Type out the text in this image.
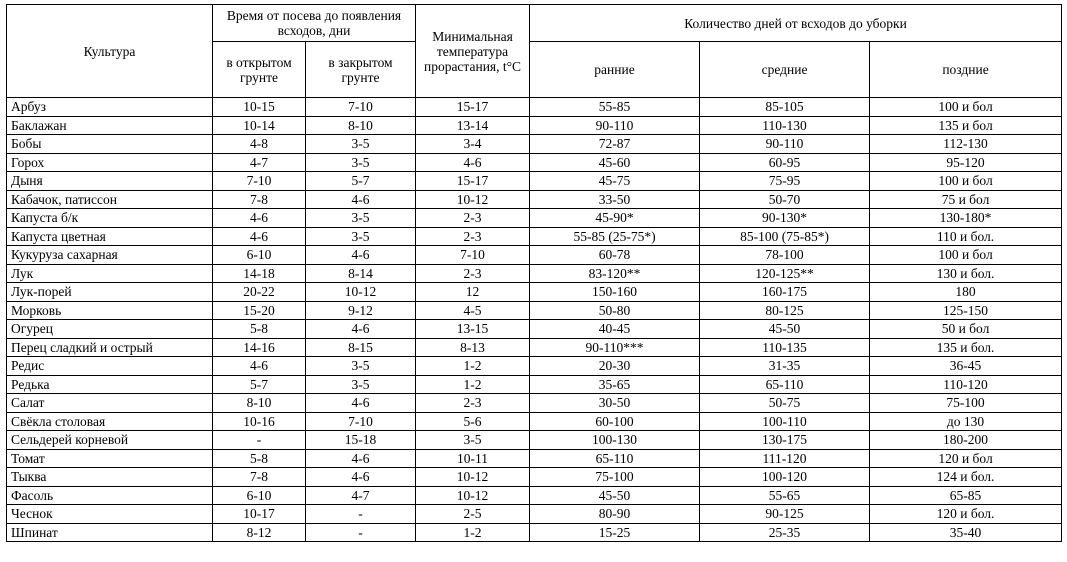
Культура	Время от посева до появления всходов, дни		Минимальная температура прорастания, t°C	Количество дней от всходов до уборки		
	в открытом грунте	в закрытом грунте		ранние	средние	поздние
Арбуз	10-15	7-10	15-17	55-85	85-105	100 и бол
Баклажан	10-14	8-10	13-14	90-110	110-130	135 и бол
Бобы	4-8	3-5	3-4	72-87	90-110	112-130
Горох	4-7	3-5	4-6	45-60	60-95	95-120
Дыня	7-10	5-7	15-17	45-75	75-95	100 и бол
Кабачок, патиссон	7-8	4-6	10-12	33-50	50-70	75 и бол
Капуста б/к	4-6	3-5	2-3	45-90*	90-130*	130-180*
Капуста цветная	4-6	3-5	2-3	55-85 (25-75*)	85-100 (75-85*)	110 и бол.
Кукуруза сахарная	6-10	4-6	7-10	60-78	78-100	100 и бол
Лук	14-18	8-14	2-3	83-120**	120-125**	130 и бол.
Лук-порей	20-22	10-12	12	150-160	160-175	180
Морковь	15-20	9-12	4-5	50-80	80-125	125-150
Огурец	5-8	4-6	13-15	40-45	45-50	50 и бол
Перец сладкий и острый	14-16	8-15	8-13	90-110***	110-135	135 и бол.
Редис	4-6	3-5	1-2	20-30	31-35	36-45
Редька	5-7	3-5	1-2	35-65	65-110	110-120
Салат	8-10	4-6	2-3	30-50	50-75	75-100
Свёкла столовая	10-16	7-10	5-6	60-100	100-110	до 130
Сельдерей корневой	-	15-18	3-5	100-130	130-175	180-200
Томат	5-8	4-6	10-11	65-110	111-120	120 и бол
Тыква	7-8	4-6	10-12	75-100	100-120	124 и бол.
Фасоль	6-10	4-7	10-12	45-50	55-65	65-85
Чеснок	10-17	-	2-5	80-90	90-125	120 и бол.
Шпинат	8-12	-	1-2	15-25	25-35	35-40
